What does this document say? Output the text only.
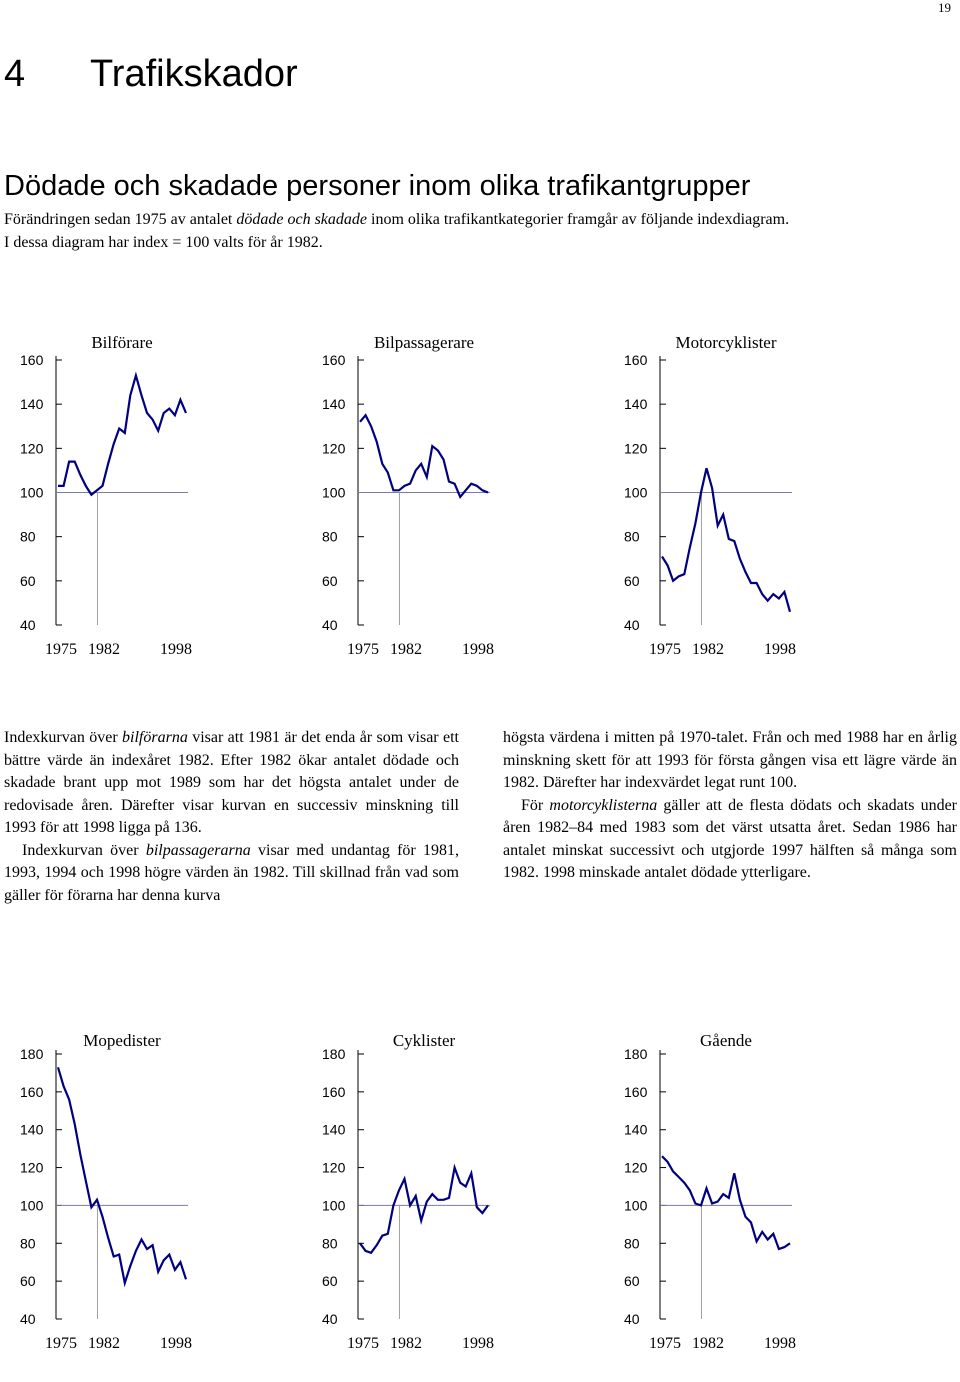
19
4 Trafikskador
Dödade och skadade personer inom olika trafikantgrupper

Förändringen sedan 1975 av antalet dödade och skadade inom olika trafikantkategorier framgår av följande indexdiagram.

I dessa diagram har index = 100 valts för år 1982.

Bilförare
160
140
120
100
80
60
40
1975 1982	1998
Bilpassagerare
160
140
120
100
80
60
40
1975 1982	1998
Motorcyklister
160
140
120
100
80
60
40
1975 1982	1998
Mopedister
180
160
140
120
100
80
60
40
1975 1982	1998
Cyklister
180
160
140
120
100
80
60
40
1975 1982	1998
Gående
180
160
140
120
100
80
60
40
1975 1982	1998

Indexkurvan över bilförarna visar att 1981 är det enda år som visar ett bättre värde än indexåret 1982. Efter 1982 ökar antalet dödade och skadade brant upp mot 1989 som har det högsta antalet under de redovisade åren. Därefter visar kurvan en successiv minskning till 1993 för att 1998 ligga på 136.

Indexkurvan över bilpassagerarna visar med undantag för 1981, 1993, 1994 och 1998 högre värden än 1982. Till skillnad från vad som gäller för förarna har denna kurva

högsta värdena i mitten på 1970-talet. Från och med 1988 har en årlig minskning skett för att 1993 för första gången visa ett lägre värde än 1982. Därefter har indexvärdet legat runt 100.

För motorcyklisterna gäller att de flesta dödats och skadats under åren 1982–84 med 1983 som det värst utsatta året. Sedan 1986 har antalet minskat successivt och utgjorde 1997 hälften så många som 1982. 1998 minskade antalet dödade ytterligare.
